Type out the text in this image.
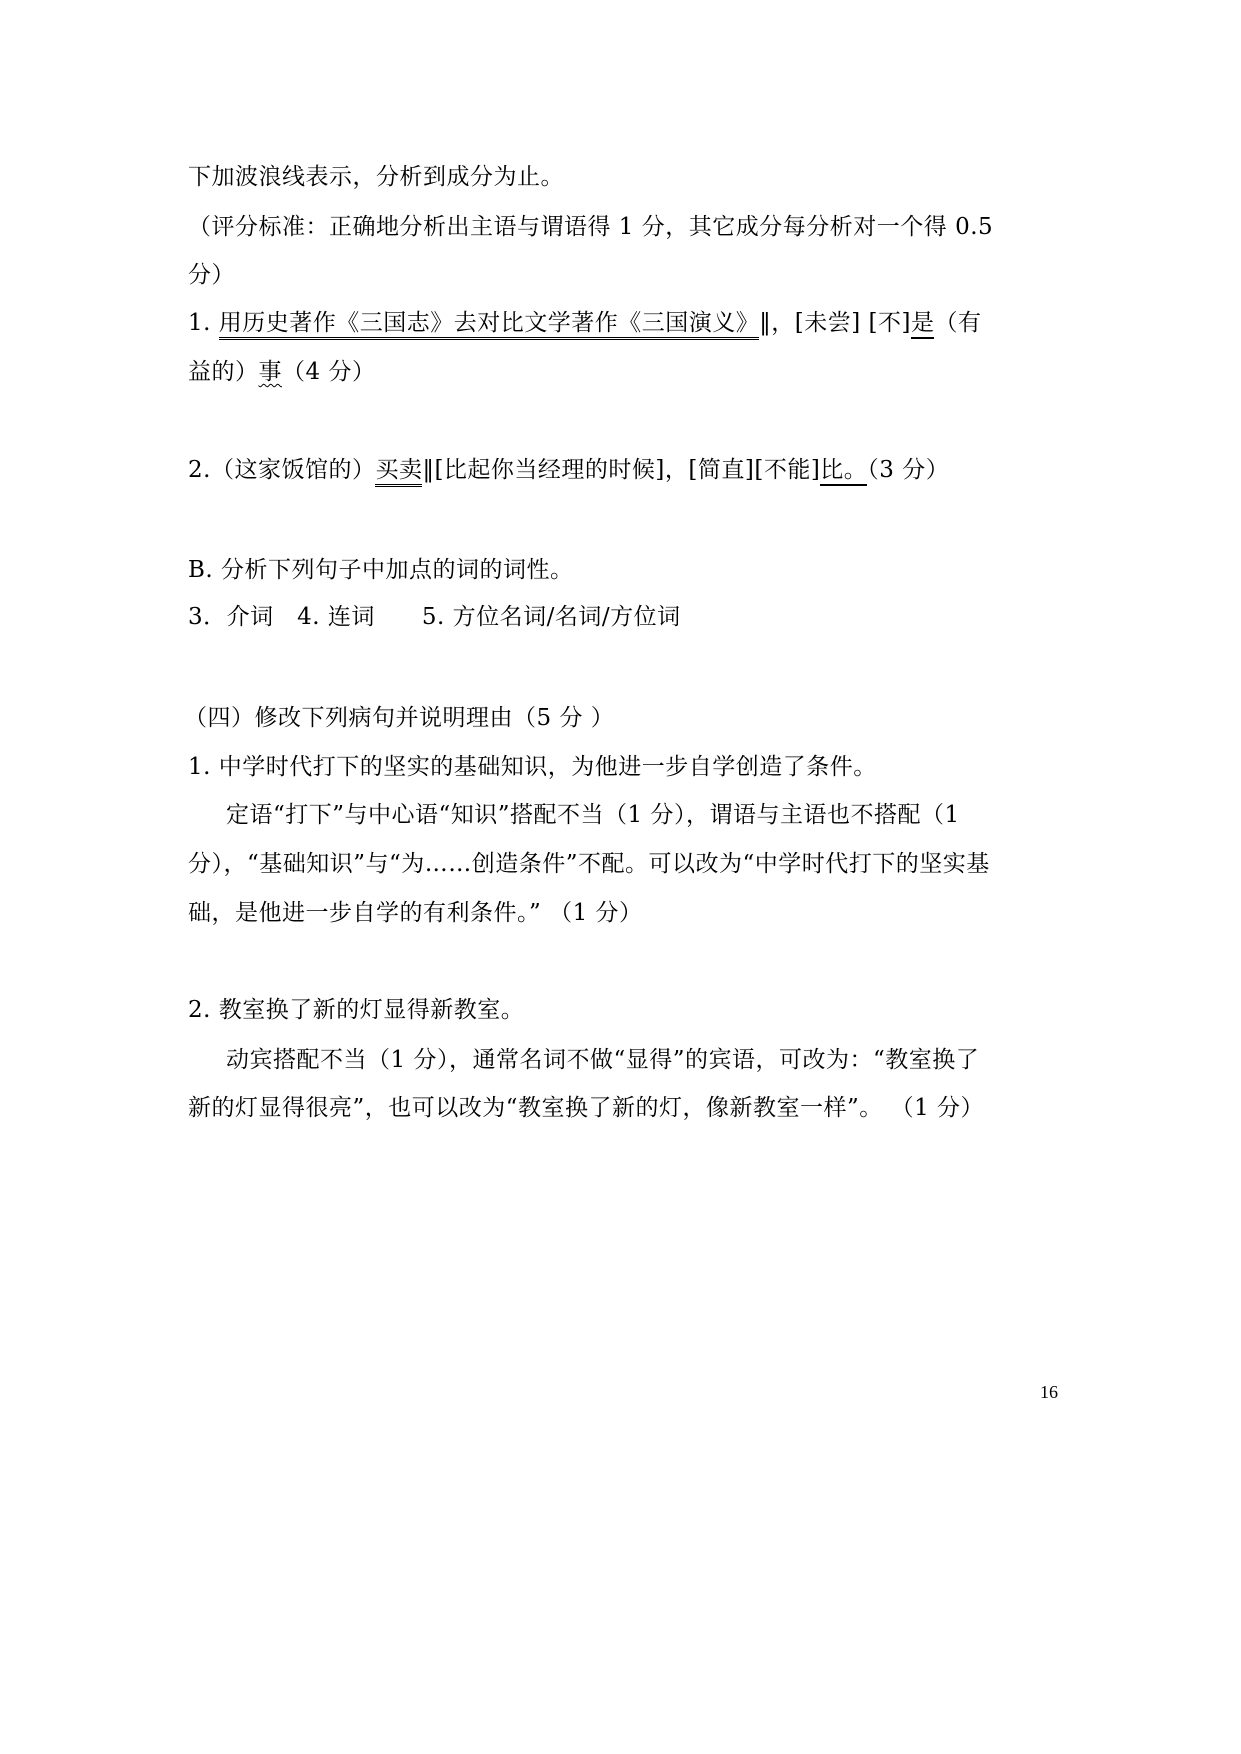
下加波浪线表示，分析到成分为止。
（评分标准：正确地分析出主语与谓语得 1 分，其它成分每分析对一个得 0.5
分）
1. 用历史著作《三国志》去对比文学著作《三国演义》‖，[未尝] [不]是（有
益的）事（4 分）
2.（这家饭馆的）买卖‖[比起你当经理的时候]，[简直][不能]比。（3 分）
B. 分析下列句子中加点的词的词性。
3．介词　4. 连词　　5. 方位名词/名词/方位词
（四）修改下列病句并说明理由（5 分 ）
1. 中学时代打下的坚实的基础知识，为他进一步自学创造了条件。
定语“打下”与中心语“知识”搭配不当（1 分），谓语与主语也不搭配（1
分），“基础知识”与“为……创造条件”不配。可以改为“中学时代打下的坚实基
础，是他进一步自学的有利条件。” （1 分）
2. 教室换了新的灯显得新教室。
动宾搭配不当（1 分），通常名词不做“显得”的宾语，可改为：“教室换了
新的灯显得很亮”，也可以改为“教室换了新的灯，像新教室一样”。 （1 分）
16
